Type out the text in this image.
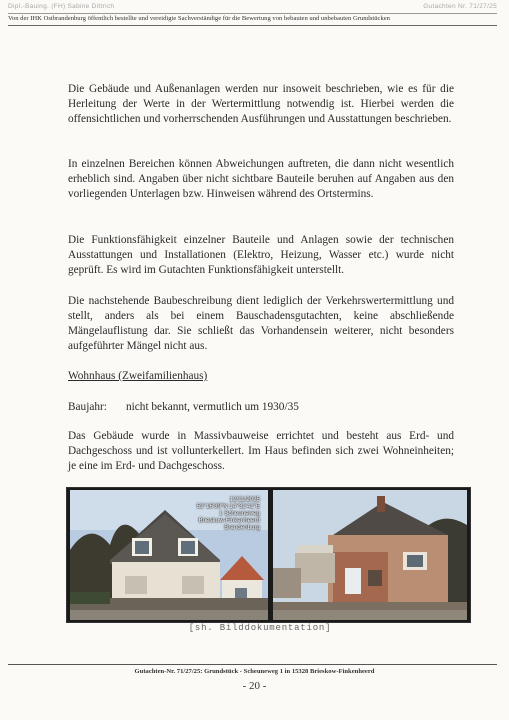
Dipl.-Bauing. (FH) Sabine Dittrich	Gutachten Nr. 71/27/25
Von der IHK Ostbrandenburg öffentlich bestellte und vereidigte Sachverständige für die Bewertung von bebauten und unbebauten Grundstücken

Die Gebäude und Außenanlagen werden nur insoweit beschrieben, wie es für die Herleitung der Werte in der Wertermittlung notwendig ist. Hierbei werden die offensichtlichen und vorherrschenden Ausführungen und Ausstattungen beschrieben.

In einzelnen Bereichen können Abweichungen auftreten, die dann nicht wesentlich erheblich sind. Angaben über nicht sichtbare Bauteile beruhen auf Angaben aus den vorliegenden Unterlagen bzw. Hinweisen während des Ortstermins.

Die Funktionsfähigkeit einzelner Bauteile und Anlagen sowie der technischen Ausstattungen und Installationen (Elektro, Heizung, Wasser etc.) wurde nicht geprüft. Es wird im Gutachten Funktionsfähigkeit unterstellt.

Die nachstehende Baubeschreibung dient lediglich der Verkehrswertermittlung und stellt, anders als bei einem Bauschadensgutachten, keine abschließende Mängelauflistung dar. Sie schließt das Vorhandensein weiterer, nicht besonders aufgeführter Mängel nicht aus.

Wohnhaus (Zweifamilienhaus)

Baujahr:	nicht bekannt, vermutlich um 1930/35

Das Gebäude wurde in Massivbauweise errichtet und besteht aus Erd- und Dachgeschoss und ist vollunterkellert. Im Haus befinden sich zwei Wohneinheiten; je eine im Erd- und Dachgeschoss.

12/11/2025
52°16'39"N 14°31'41"E
1 Scheuneweg
Brieskow-Finkenheerd
Brandenburg
[sh. Bilddokumentation]
Gutachten-Nr. 71/27/25: Grundstück - Scheuneweg 1 in 15328 Brieskow-Finkenheerd
- 20 -
